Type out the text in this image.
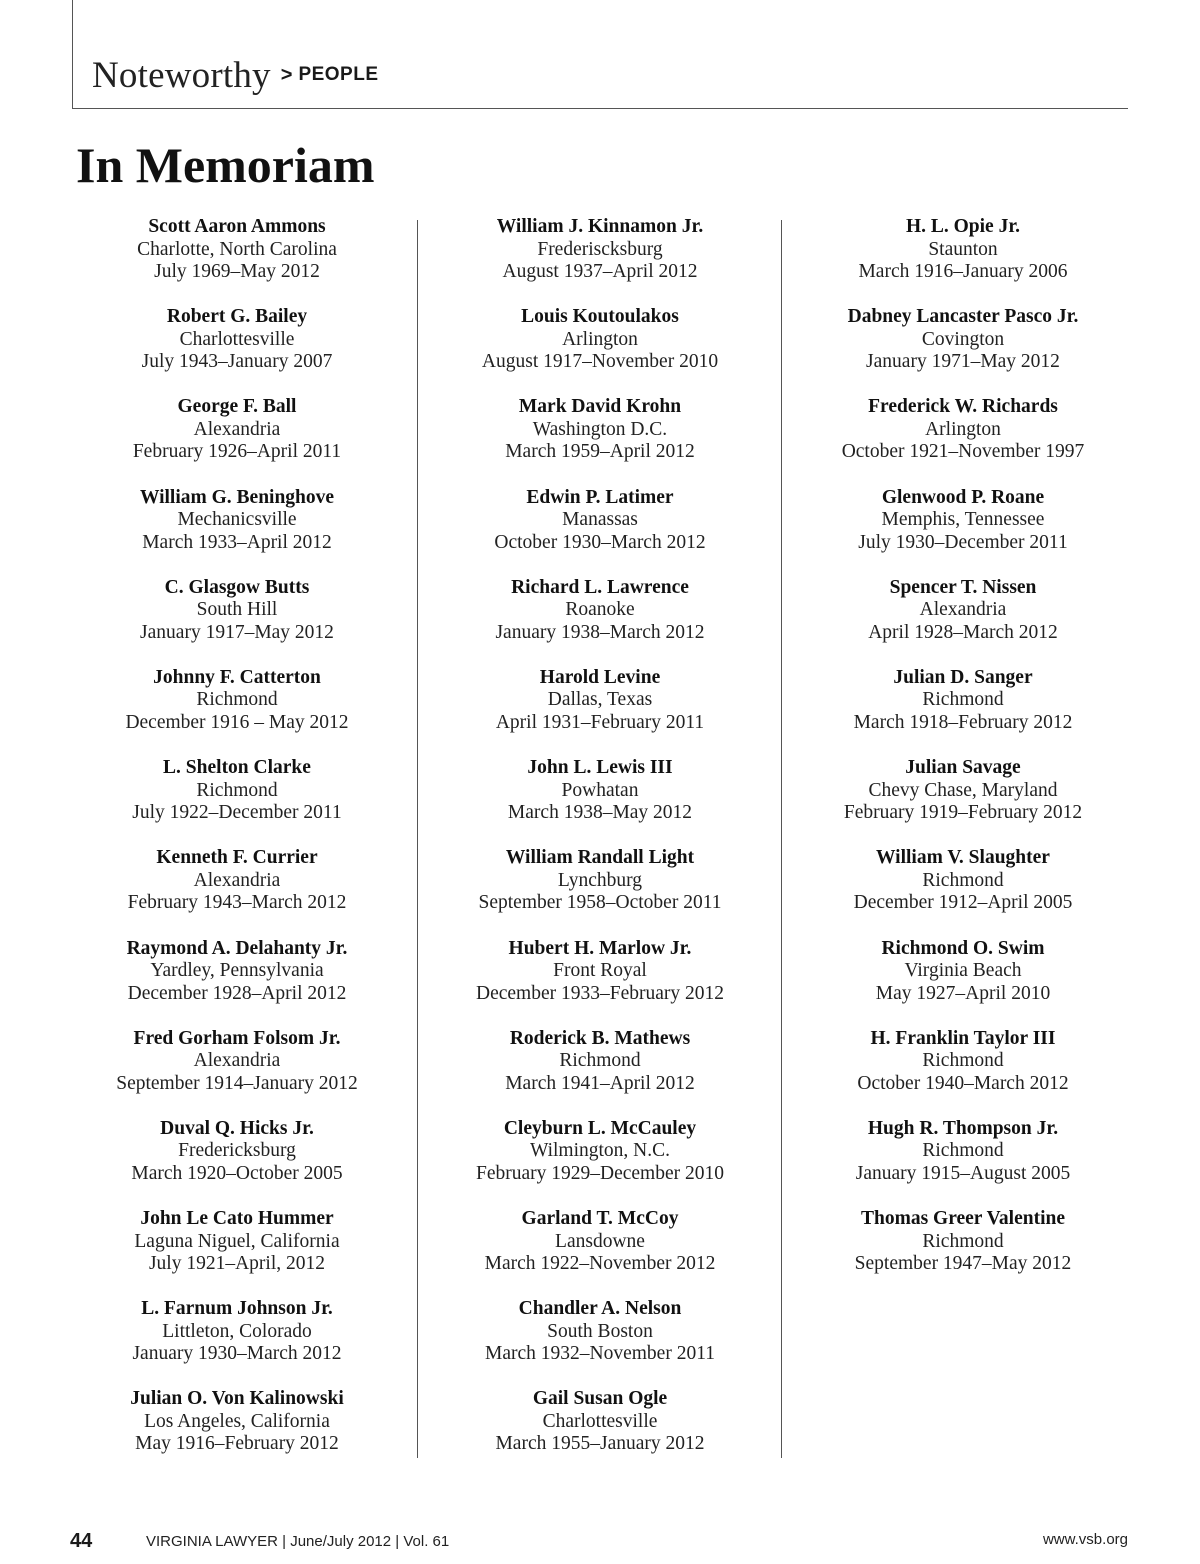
Noteworthy > PEOPLE
In Memoriam
Scott Aaron Ammons
Charlotte, North Carolina
July 1969–May 2012
Robert G. Bailey
Charlottesville
July 1943–January 2007
George F. Ball
Alexandria
February 1926–April 2011
William G. Beninghove
Mechanicsville
March 1933–April 2012
C. Glasgow Butts
South Hill
January 1917–May 2012
Johnny F. Catterton
Richmond
December 1916 – May 2012
L. Shelton Clarke
Richmond
July 1922–December 2011
Kenneth F. Currier
Alexandria
February 1943–March 2012
Raymond A. Delahanty Jr.
Yardley, Pennsylvania
December 1928–April 2012
Fred Gorham Folsom Jr.
Alexandria
September 1914–January 2012
Duval Q. Hicks Jr.
Fredericksburg
March 1920–October 2005
John Le Cato Hummer
Laguna Niguel, California
July 1921–April, 2012
L. Farnum Johnson Jr.
Littleton, Colorado
January 1930–March 2012
Julian O. Von Kalinowski
Los Angeles, California
May 1916–February 2012
William J. Kinnamon Jr.
Frederiscksburg
August 1937–April 2012
Louis Koutoulakos
Arlington
August 1917–November 2010
Mark David Krohn
Washington D.C.
March 1959–April 2012
Edwin P. Latimer
Manassas
October 1930–March 2012
Richard L. Lawrence
Roanoke
January 1938–March 2012
Harold Levine
Dallas, Texas
April 1931–February 2011
John L. Lewis III
Powhatan
March 1938–May 2012
William Randall Light
Lynchburg
September 1958–October 2011
Hubert H. Marlow Jr.
Front Royal
December 1933–February 2012
Roderick B. Mathews
Richmond
March 1941–April 2012
Cleyburn L. McCauley
Wilmington, N.C.
February 1929–December 2010
Garland T. McCoy
Lansdowne
March 1922–November 2012
Chandler A. Nelson
South Boston
March 1932–November 2011
Gail Susan Ogle
Charlottesville
March 1955–January 2012
H. L. Opie Jr.
Staunton
March 1916–January 2006
Dabney Lancaster Pasco Jr.
Covington
January 1971–May 2012
Frederick W. Richards
Arlington
October 1921–November 1997
Glenwood P. Roane
Memphis, Tennessee
July 1930–December 2011
Spencer T. Nissen
Alexandria
April 1928–March 2012
Julian D. Sanger
Richmond
March 1918–February 2012
Julian Savage
Chevy Chase, Maryland
February 1919–February 2012
William V. Slaughter
Richmond
December 1912–April 2005
Richmond O. Swim
Virginia Beach
May 1927–April 2010
H. Franklin Taylor III
Richmond
October 1940–March 2012
Hugh R. Thompson Jr.
Richmond
January 1915–August 2005
Thomas Greer Valentine
Richmond
September 1947–May 2012
44	VIRGINIA LAWYER | June/July 2012 | Vol. 61	www.vsb.org
